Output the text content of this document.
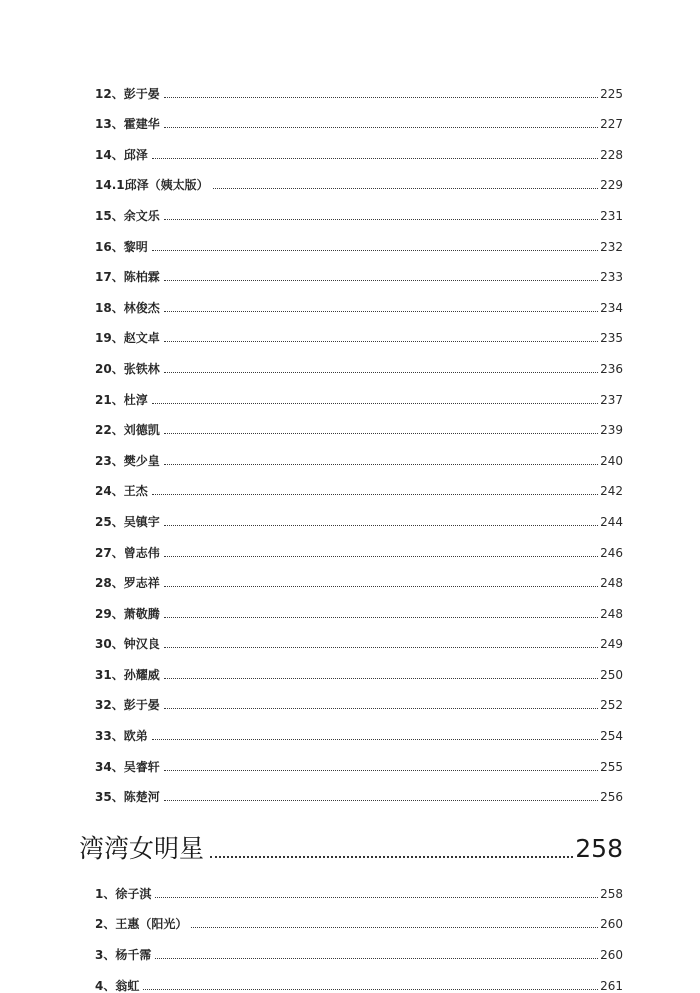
12、彭于晏	225
13、霍建华	227
14、邱泽	228
14.1邱泽（姨太版）	229
15、余文乐	231
16、黎明	232
17、陈柏霖	233
18、林俊杰	234
19、赵文卓	235
20、张铁林	236
21、杜淳	237
22、刘德凯	239
23、樊少皇	240
24、王杰	242
25、吴镇宇	244
27、曾志伟	246
28、罗志祥	248
29、萧敬腾	248
30、钟汉良	249
31、孙耀威	250
32、彭于晏	252
33、欧弟	254
34、吴睿轩	255
35、陈楚河	256
湾湾女明星	258
1、徐子淇	258
2、王惠（阳光）	260
3、杨千霈	260
4、翁虹	261
